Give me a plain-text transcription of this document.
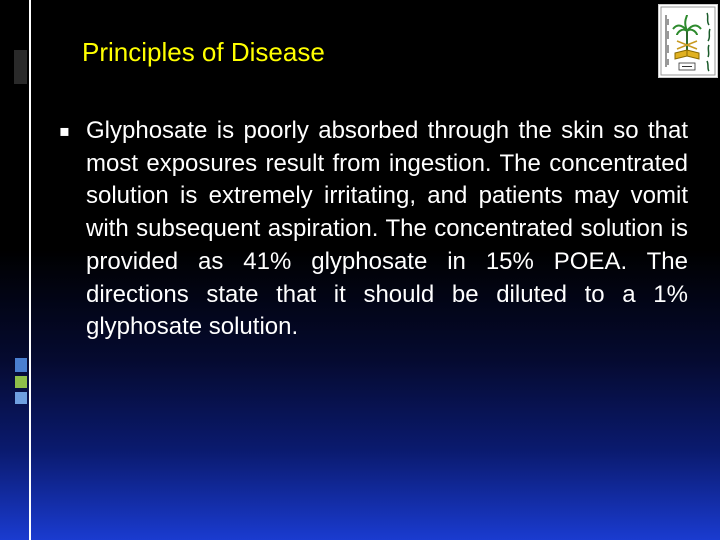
Principles of Disease
▪ Glyphosate is poorly absorbed through the skin so that most exposures result from ingestion. The concentrated solution is extremely irritating, and patients may vomit with subsequent aspiration. The concentrated solution is provided as 41% glyphosate in 15% POEA. The directions state that it should be diluted to a 1% glyphosate solution.
